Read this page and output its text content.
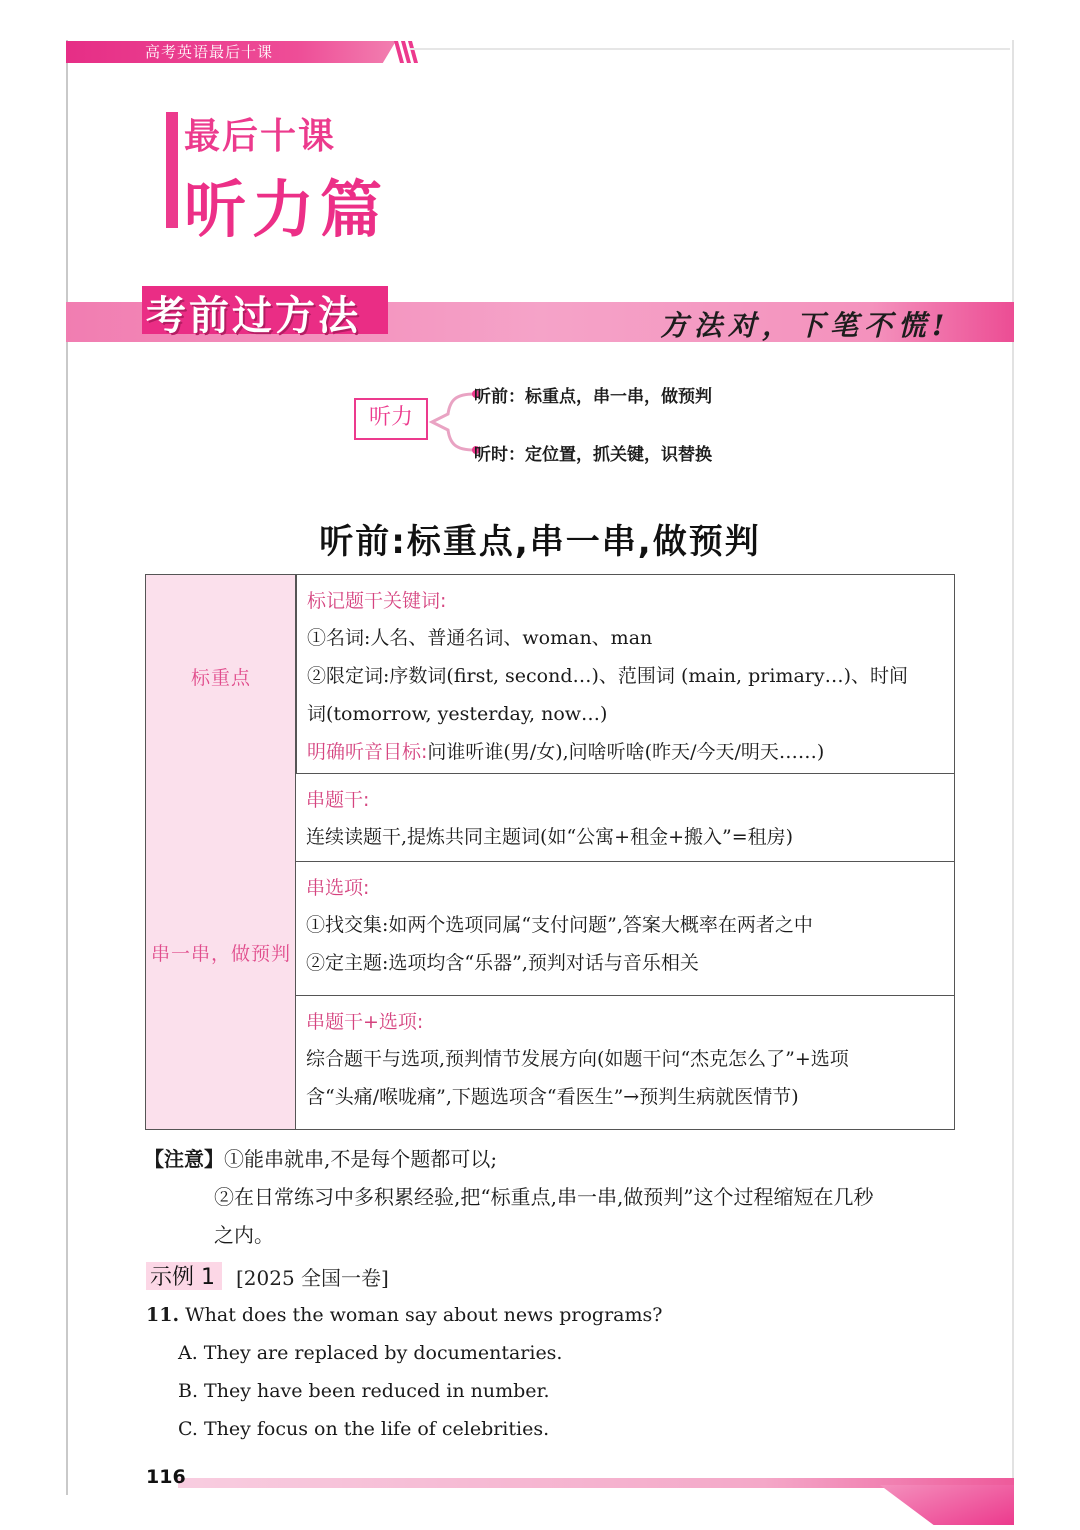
高考英语最后十课
最后十课
听力篇
考前过方法	方法对，下笔不慌!
听力
听前：标重点，串一串，做预判
听时：定位置，抓关键，识替换
听前:标重点,串一串,做预判
标重点
串一串，做预判
标记题干关键词:
①名词:人名、普通名词、woman、man
②限定词:序数词(first, second…)、范围词 (main, primary…)、时间
词(tomorrow, yesterday, now…)
明确听音目标:问谁听谁(男/女),问啥听啥(昨天/今天/明天……)
串题干:
连续读题干,提炼共同主题词(如“公寓+租金+搬入”=租房)
串选项:
①找交集:如两个选项同属“支付问题”,答案大概率在两者之中
②定主题:选项均含“乐器”,预判对话与音乐相关
串题干+选项:
综合题干与选项,预判情节发展方向(如题干问“杰克怎么了”+选项
含“头痛/喉咙痛”,下题选项含“看医生”→预判生病就医情节)
【注意】①能串就串,不是每个题都可以;
②在日常练习中多积累经验,把“标重点,串一串,做预判”这个过程缩短在几秒
之内。
示例 1 [2025 全国一卷]
11. What does the woman say about news programs?
A. They are replaced by documentaries.
B. They have been reduced in number.
C. They focus on the life of celebrities.
116
